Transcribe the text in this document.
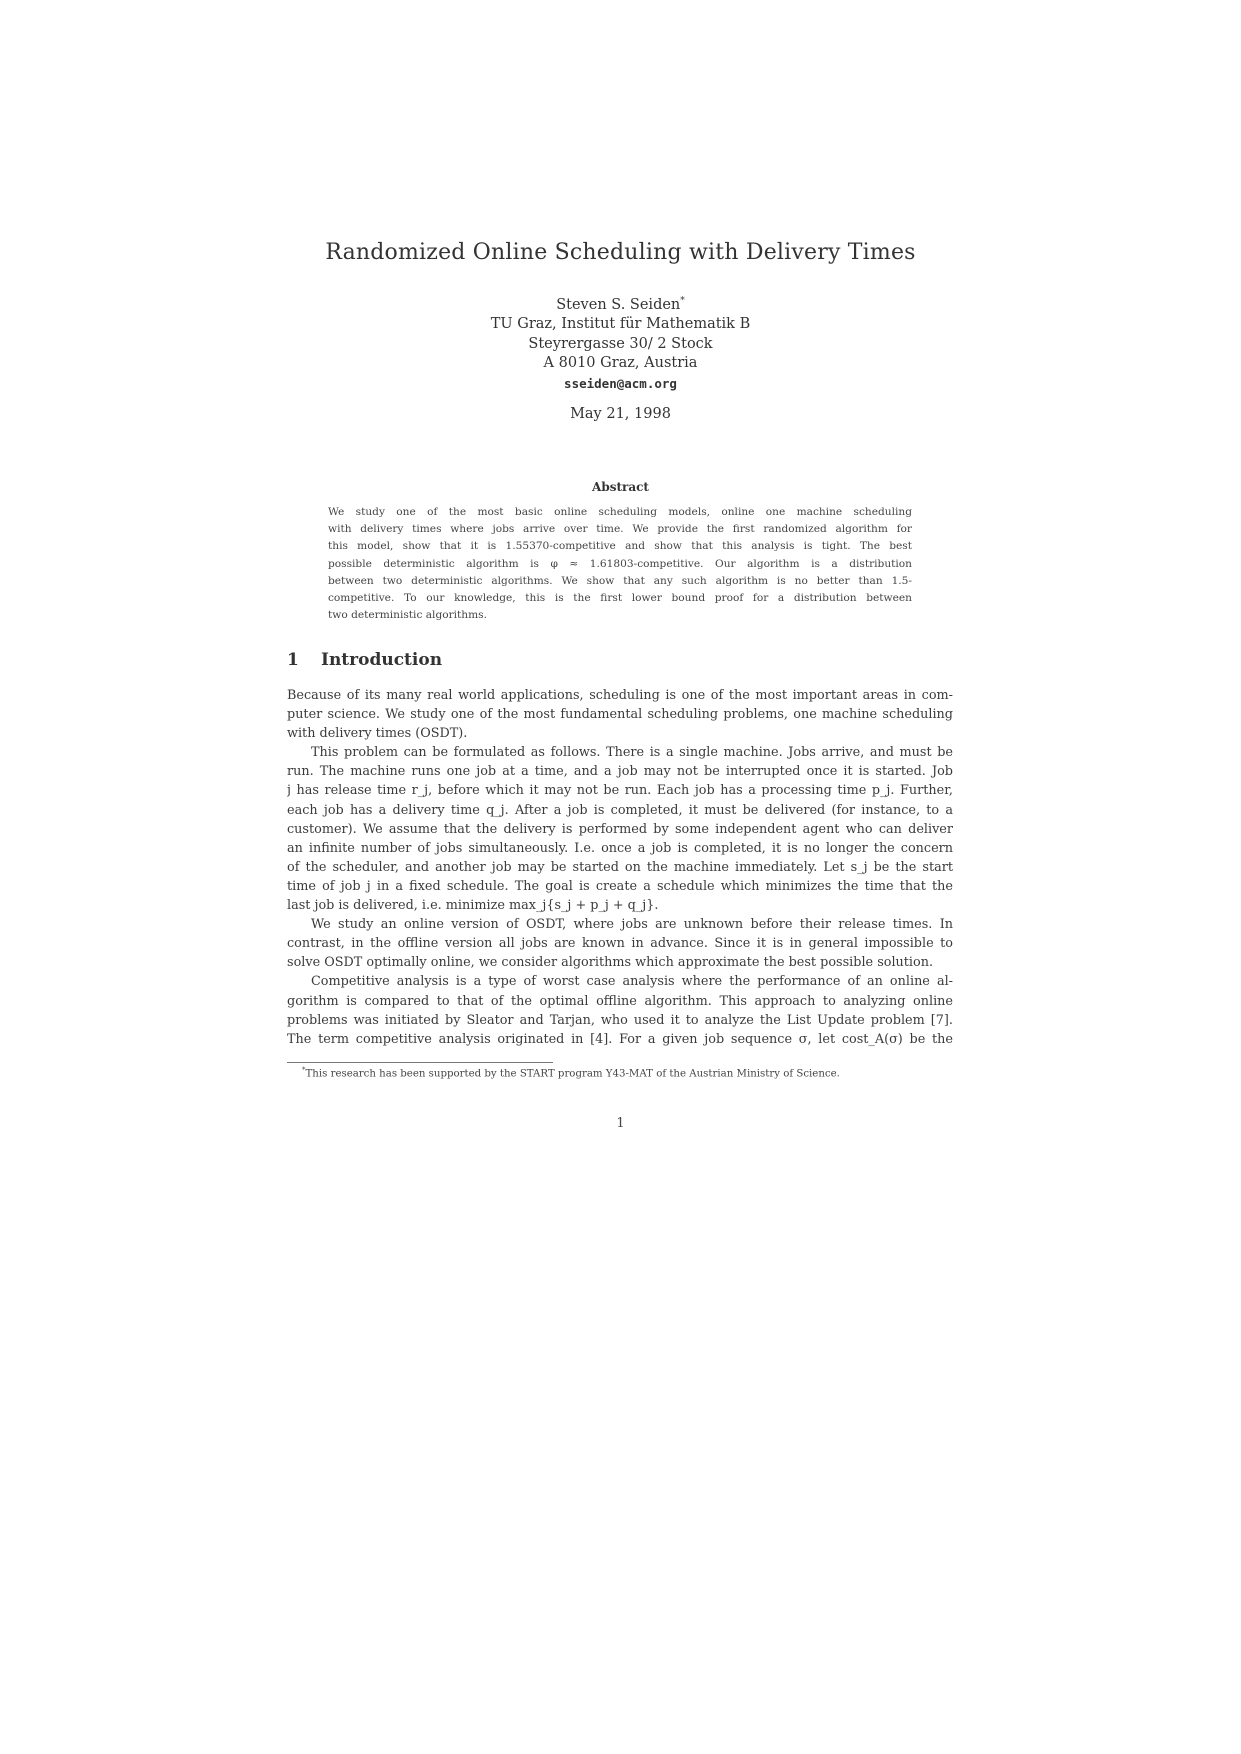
Randomized Online Scheduling with Delivery Times
Steven S. Seiden*
TU Graz, Institut für Mathematik B
Steyrergasse 30/ 2 Stock
A 8010 Graz, Austria
sseiden@acm.org
May 21, 1998
Abstract
We study one of the most basic online scheduling models, online one machine scheduling
with delivery times where jobs arrive over time. We provide the first randomized algorithm for
this model, show that it is 1.55370-competitive and show that this analysis is tight. The best
possible deterministic algorithm is φ ≈ 1.61803-competitive. Our algorithm is a distribution
between two deterministic algorithms. We show that any such algorithm is no better than 1.5-
competitive. To our knowledge, this is the first lower bound proof for a distribution between
two deterministic algorithms.
1 Introduction
Because of its many real world applications, scheduling is one of the most important areas in com-
puter science. We study one of the most fundamental scheduling problems, one machine scheduling
with delivery times (OSDT).
This problem can be formulated as follows. There is a single machine. Jobs arrive, and must be
run. The machine runs one job at a time, and a job may not be interrupted once it is started. Job
j has release time r_j, before which it may not be run. Each job has a processing time p_j. Further,
each job has a delivery time q_j. After a job is completed, it must be delivered (for instance, to a
customer). We assume that the delivery is performed by some independent agent who can deliver
an infinite number of jobs simultaneously. I.e. once a job is completed, it is no longer the concern
of the scheduler, and another job may be started on the machine immediately. Let s_j be the start
time of job j in a fixed schedule. The goal is create a schedule which minimizes the time that the
last job is delivered, i.e. minimize max_j{s_j + p_j + q_j}.
We study an online version of OSDT, where jobs are unknown before their release times. In
contrast, in the offline version all jobs are known in advance. Since it is in general impossible to
solve OSDT optimally online, we consider algorithms which approximate the best possible solution.
Competitive analysis is a type of worst case analysis where the performance of an online al-
gorithm is compared to that of the optimal offline algorithm. This approach to analyzing online
problems was initiated by Sleator and Tarjan, who used it to analyze the List Update problem [7].
The term competitive analysis originated in [4]. For a given job sequence σ, let cost_A(σ) be the
*This research has been supported by the START program Y43-MAT of the Austrian Ministry of Science.
1
